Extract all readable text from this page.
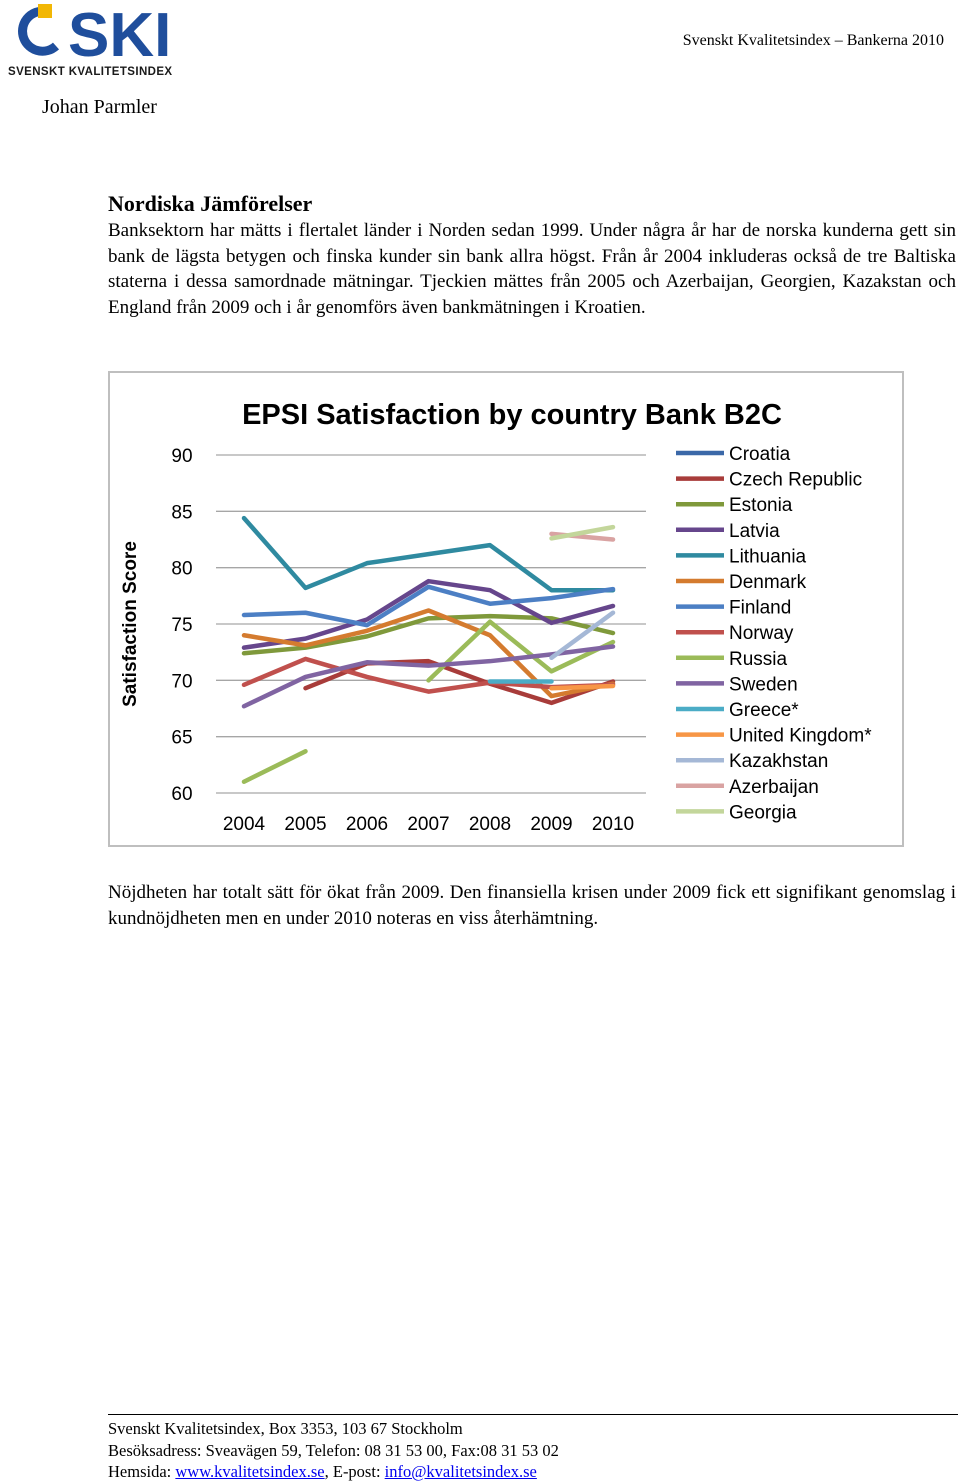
SKI
SVENSKT KVALITETSINDEX
Svenskt Kvalitetsindex – Bankerna 2010
Johan Parmler
Nordiska Jämförelser

Banksektorn har mätts i flertalet länder i Norden sedan 1999. Under några år har de norska kunderna gett sin bank de lägsta betygen och finska kunder sin bank allra högst. Från år 2004 inkluderas också de tre Baltiska staterna i dessa samordnade mätningar. Tjeckien mättes från 2005 och Azerbaijan, Georgien, Kazakstan och England från 2009 och i år genomförs även bankmätningen i Kroatien.

EPSI Satisfaction by country Bank B2C
Satisfaction Score
90
85
80
75
70
65
60
2004 2005 2006 2007 2008 2009 2010
Croatia
Czech Republic
Estonia
Latvia
Lithuania
Denmark
Finland
Norway
Russia
Sweden
Greece*
United Kingdom*
Kazakhstan
Azerbaijan
Georgia

Nöjdheten har totalt sätt för ökat från 2009. Den finansiella krisen under 2009 fick ett signifikant genomslag i kundnöjdheten men en under 2010 noteras en viss återhämtning.

Svenskt Kvalitetsindex, Box 3353, 103 67 Stockholm
Besöksadress: Sveavägen 59, Telefon: 08 31 53 00, Fax:08 31 53 02
Hemsida: www.kvalitetsindex.se, E-post: info@kvalitetsindex.se
